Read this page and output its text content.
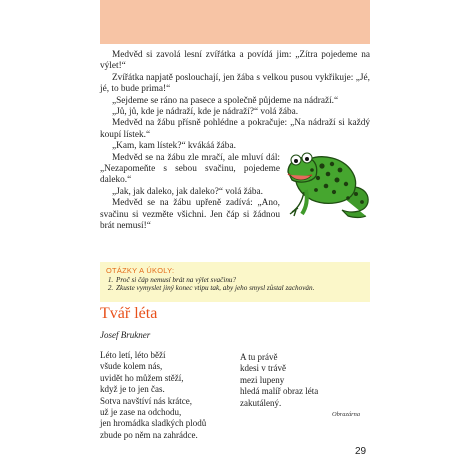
Medvěd si zavolá lesní zvířátka a povídá jim: „Zítra pojedeme na výlet!“

Zvířátka napjatě poslouchají, jen žába s velkou pusou vykřikuje: „Jé, jé, to bude prima!“

„Sejdeme se ráno na pasece a společně půjdeme na nádraží.“

„Jů, jů, kde je nádraží, kde je nádraží?“ volá žába.

Medvěd na žábu přísně pohlédne a pokračuje: „Na nádraží si každý koupí lístek.“

„Kam, kam lístek?“ kvákáá žába.

Medvěd se na žábu zle mračí, ale mluví dál: „Nezapomeňte s sebou svačinu, pojedeme daleko.“

„Jak, jak daleko, jak daleko?“ volá žába.

Medvěd se na žábu upřeně zadívá: „Ano, svačinu si vezměte všichni. Jen čáp si žádnou brát nemusí!“

OTÁZKY A ÚKOLY:
1. Proč si čáp nemusí brát na výlet svačinu?
2. Zkuste vymyslet jiný konec vtipu tak, aby jeho smysl zůstal zachován.
Tvář léta
Josef Brukner
Léto letí, léto běží
všude kolem nás,
uvidět ho můžem stěží,
když je to jen čas.
Sotva navštíví nás krátce,
už je zase na odchodu,
jen hromádka sladkých plodů
zbude po něm na zahrádce.
A tu právě
kdesi v trávě
mezi lupeny
hledá malíř obraz léta
zakutálený.
Obrazárna
29
